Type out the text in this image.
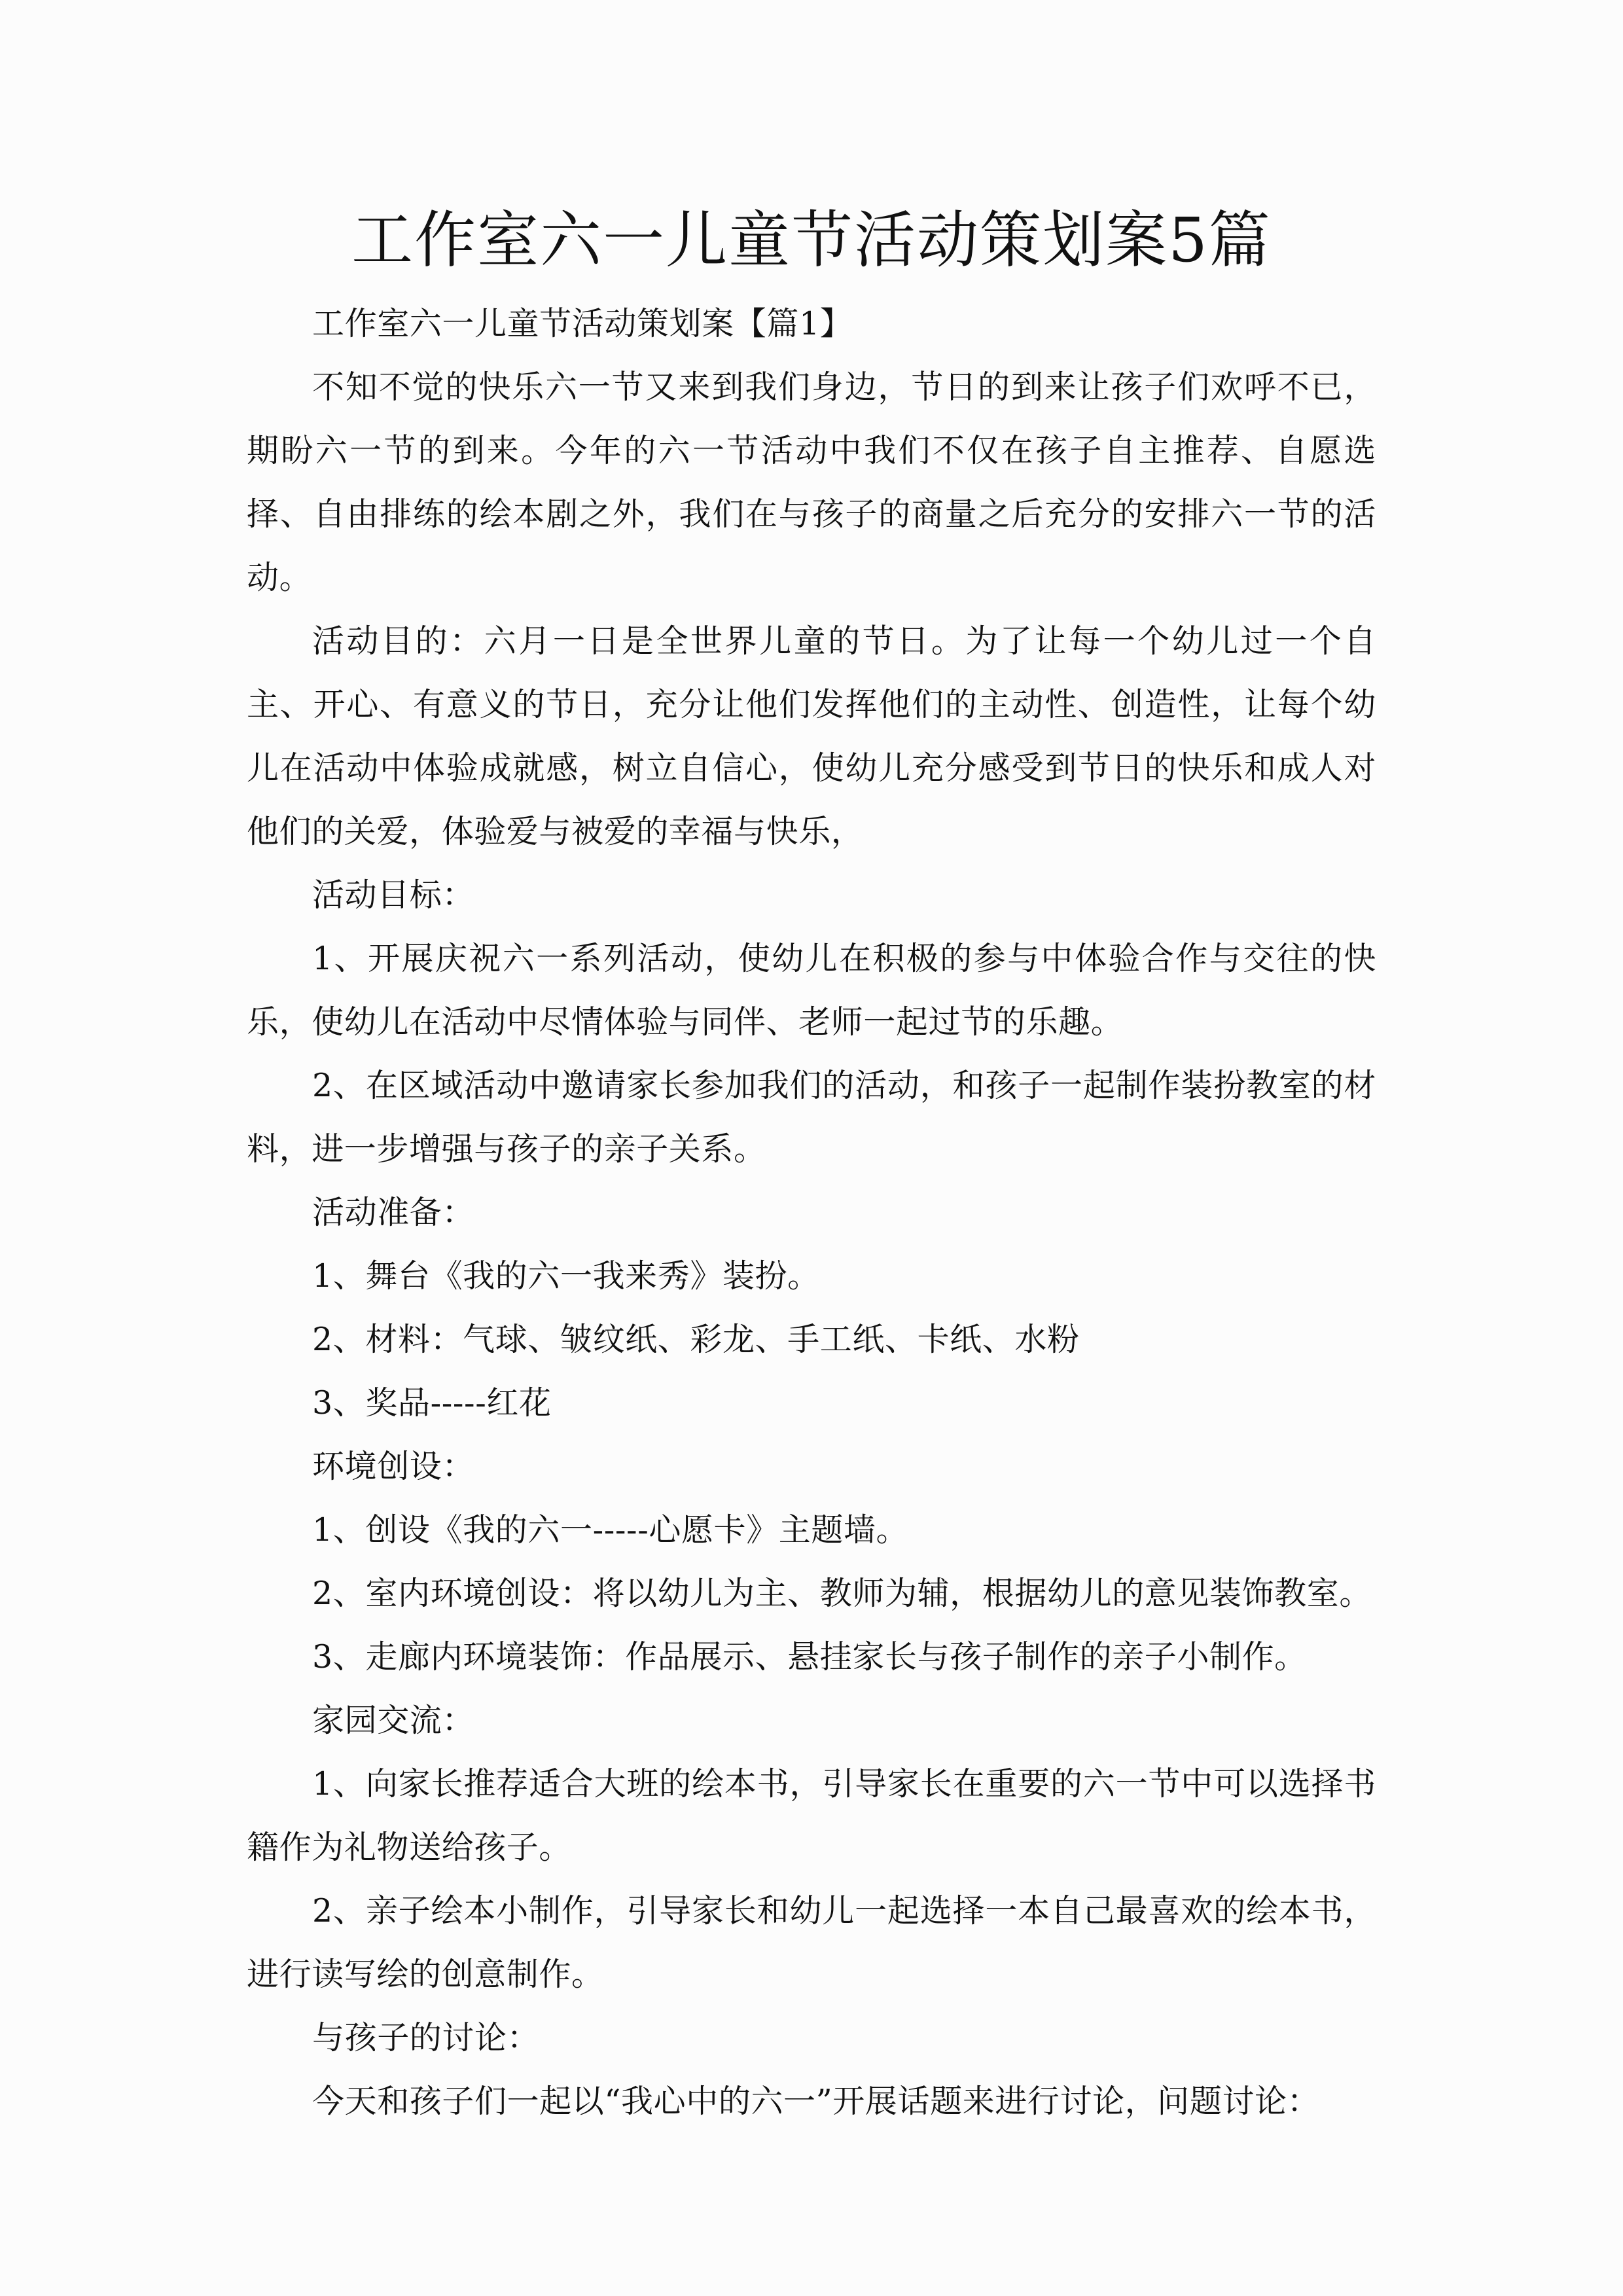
工作室六一儿童节活动策划案5篇

工作室六一儿童节活动策划案【篇1】

不知不觉的快乐六一节又来到我们身边，节日的到来让孩子们欢呼不已，期盼六一节的到来。今年的六一节活动中我们不仅在孩子自主推荐、自愿选择、自由排练的绘本剧之外，我们在与孩子的商量之后充分的安排六一节的活动。

活动目的：六月一日是全世界儿童的节日。为了让每一个幼儿过一个自主、开心、有意义的节日，充分让他们发挥他们的主动性、创造性，让每个幼儿在活动中体验成就感，树立自信心，使幼儿充分感受到节日的快乐和成人对他们的关爱，体验爱与被爱的幸福与快乐，

活动目标：

1、开展庆祝六一系列活动，使幼儿在积极的参与中体验合作与交往的快乐，使幼儿在活动中尽情体验与同伴、老师一起过节的乐趣。

2、在区域活动中邀请家长参加我们的活动，和孩子一起制作装扮教室的材料，进一步增强与孩子的亲子关系。

活动准备：

1、舞台《我的六一我来秀》装扮。

2、材料：气球、皱纹纸、彩龙、手工纸、卡纸、水粉

3、奖品-----红花

环境创设：

1、创设《我的六一-----心愿卡》主题墙。

2、室内环境创设：将以幼儿为主、教师为辅，根据幼儿的意见装饰教室。

3、走廊内环境装饰：作品展示、悬挂家长与孩子制作的亲子小制作。

家园交流：

1、向家长推荐适合大班的绘本书，引导家长在重要的六一节中可以选择书籍作为礼物送给孩子。

2、亲子绘本小制作，引导家长和幼儿一起选择一本自己最喜欢的绘本书，进行读写绘的创意制作。

与孩子的讨论：

今天和孩子们一起以“我心中的六一”开展话题来进行讨论，问题讨论：
